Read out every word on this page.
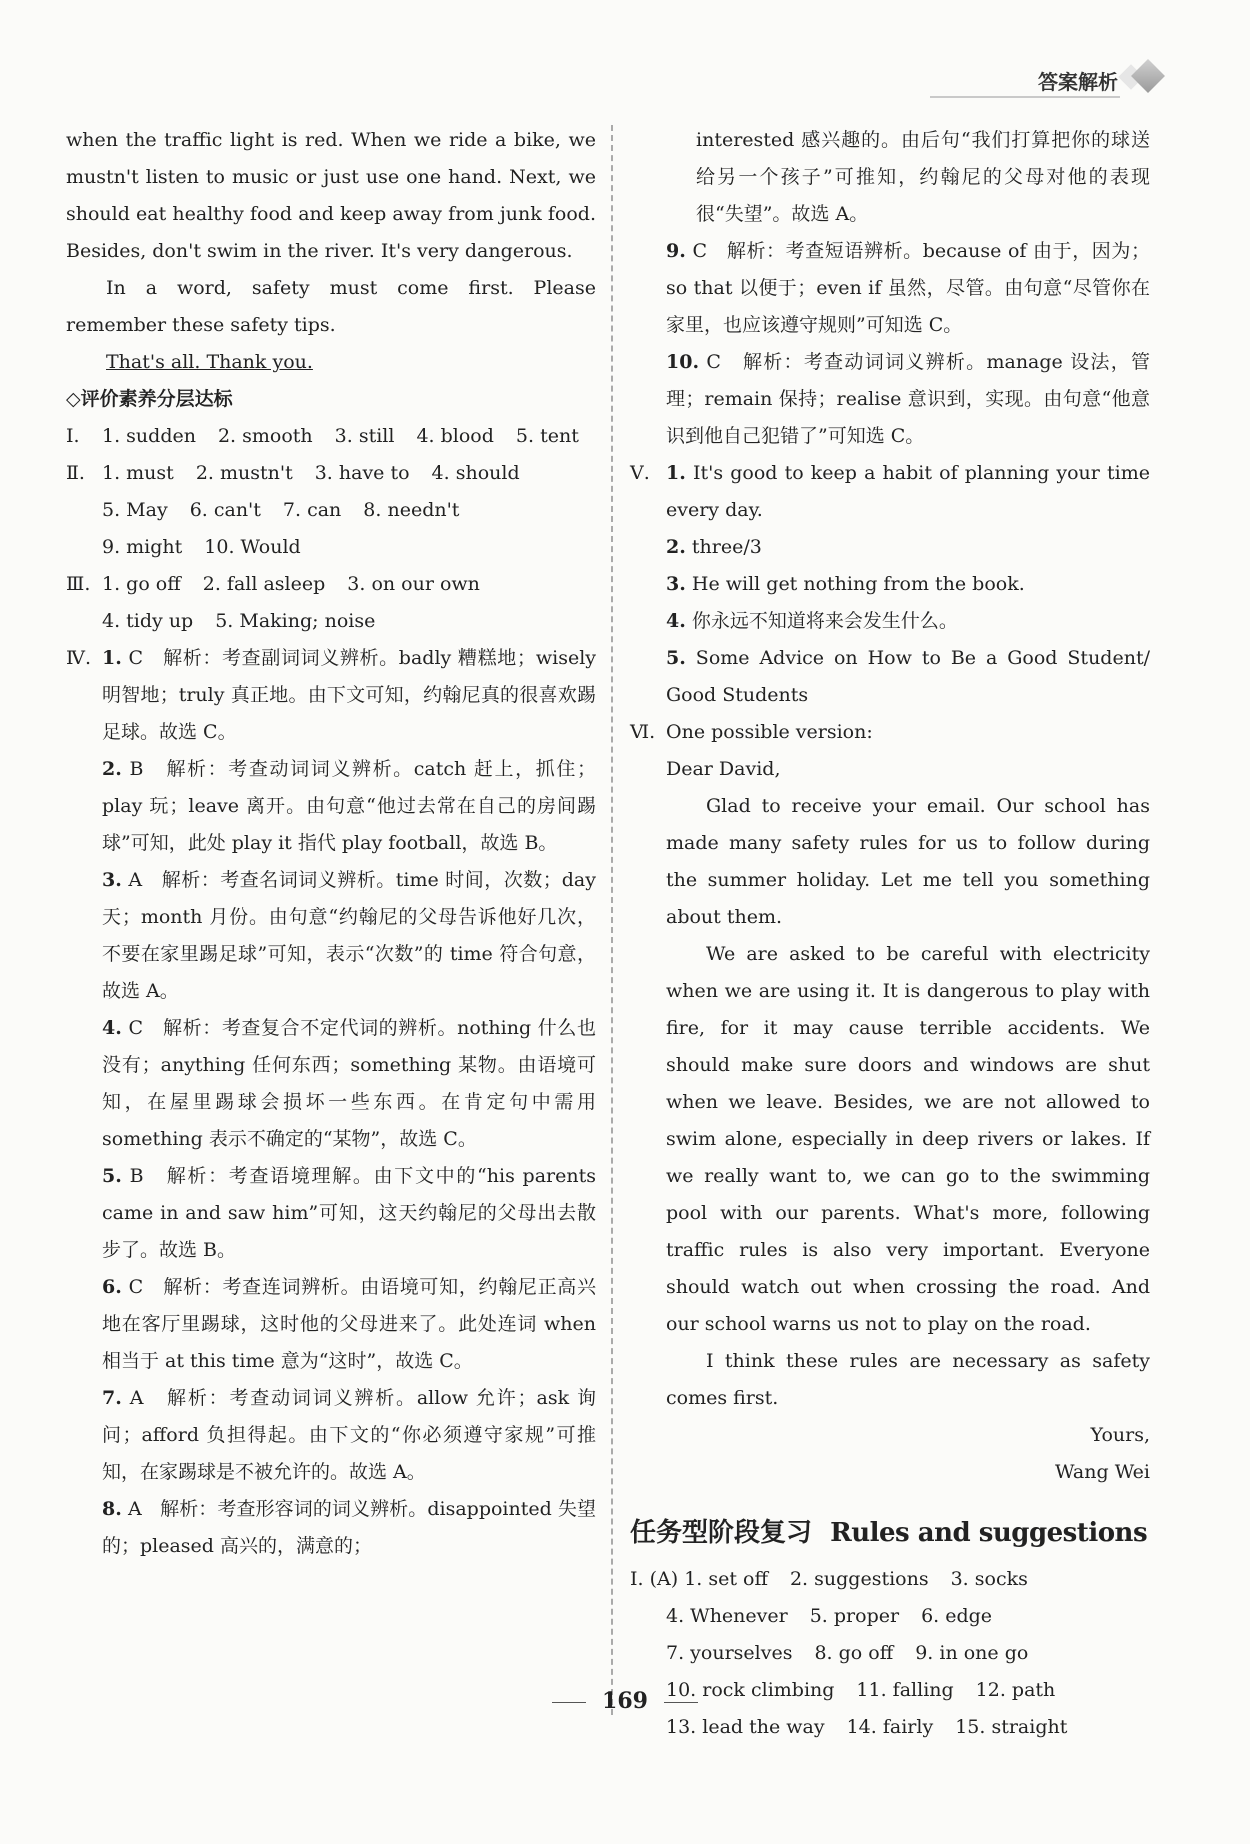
答案解析

when the traffic light is red. When we ride a bike, we mustn't listen to music or just use one hand. Next, we should eat healthy food and keep away from junk food. Besides, don't swim in the river. It's very dangerous.

In a word, safety must come first. Please remember these safety tips.

That's all. Thank you.

◇评价素养分层达标
Ⅰ.	1. sudden 2. smooth 3. still 4. blood 5. tent
Ⅱ. 1. must 2. mustn't 3. have to 4. should
5. May 6. can't 7. can 8. needn't
9. might 10. Would
Ⅲ. 1. go off 2. fall asleep 3. on our own
4. tidy up 5. Making; noise
Ⅳ. 1. C 解析：考查副词词义辨析。badly 糟糕地；wisely 明智地；truly 真正地。由下文可知，约翰尼真的很喜欢踢足球。故选 C。
2. B 解析：考查动词词义辨析。catch 赶上，抓住；play 玩；leave 离开。由句意“他过去常在自己的房间踢球”可知，此处 play it 指代 play football，故选 B。
3. A 解析：考查名词词义辨析。time 时间，次数；day 天；month 月份。由句意“约翰尼的父母告诉他好几次，不要在家里踢足球”可知，表示“次数”的 time 符合句意，故选 A。
4. C 解析：考查复合不定代词的辨析。nothing 什么也没有；anything 任何东西；something 某物。由语境可知，在屋里踢球会损坏一些东西。在肯定句中需用 something 表示不确定的“某物”，故选 C。
5. B 解析：考查语境理解。由下文中的“his parents came in and saw him”可知，这天约翰尼的父母出去散步了。故选 B。
6. C 解析：考查连词辨析。由语境可知，约翰尼正高兴地在客厅里踢球，这时他的父母进来了。此处连词 when 相当于 at this time 意为“这时”，故选 C。
7. A 解析：考查动词词义辨析。allow 允许；ask 询问；afford 负担得起。由下文的“你必须遵守家规”可推知，在家踢球是不被允许的。故选 A。
8. A 解析：考查形容词的词义辨析。disappointed 失望的；pleased 高兴的，满意的；

interested 感兴趣的。由后句“我们打算把你的球送给另一个孩子”可推知，约翰尼的父母对他的表现很“失望”。故选 A。

9. C 解析：考查短语辨析。because of 由于，因为；so that 以便于；even if 虽然，尽管。由句意“尽管你在家里，也应该遵守规则”可知选 C。
10. C 解析：考查动词词义辨析。manage 设法，管理；remain 保持；realise 意识到，实现。由句意“他意识到他自己犯错了”可知选 C。
Ⅴ. 1. It's good to keep a habit of planning your time every day.
2. three/3
3. He will get nothing from the book.
4. 你永远不知道将来会发生什么。
5. Some Advice on How to Be a Good Student/ Good Students
Ⅵ. One possible version:
Dear David,

Glad to receive your email. Our school has made many safety rules for us to follow during the summer holiday. Let me tell you something about them.

We are asked to be careful with electricity when we are using it. It is dangerous to play with fire, for it may cause terrible accidents. We should make sure doors and windows are shut when we leave. Besides, we are not allowed to swim alone, especially in deep rivers or lakes. If we really want to, we can go to the swimming pool with our parents. What's more, following traffic rules is also very important. Everyone should watch out when crossing the road. And our school warns us not to play on the road.

I think these rules are necessary as safety comes first.

Yours,
Wang Wei
任务型阶段复习 Rules and suggestions
Ⅰ. (A)
1. set off 2. suggestions 3. socks
4. Whenever 5. proper 6. edge
7. yourselves 8. go off 9. in one go
10. rock climbing 11. falling 12. path
13. lead the way 14. fairly 15. straight
169
